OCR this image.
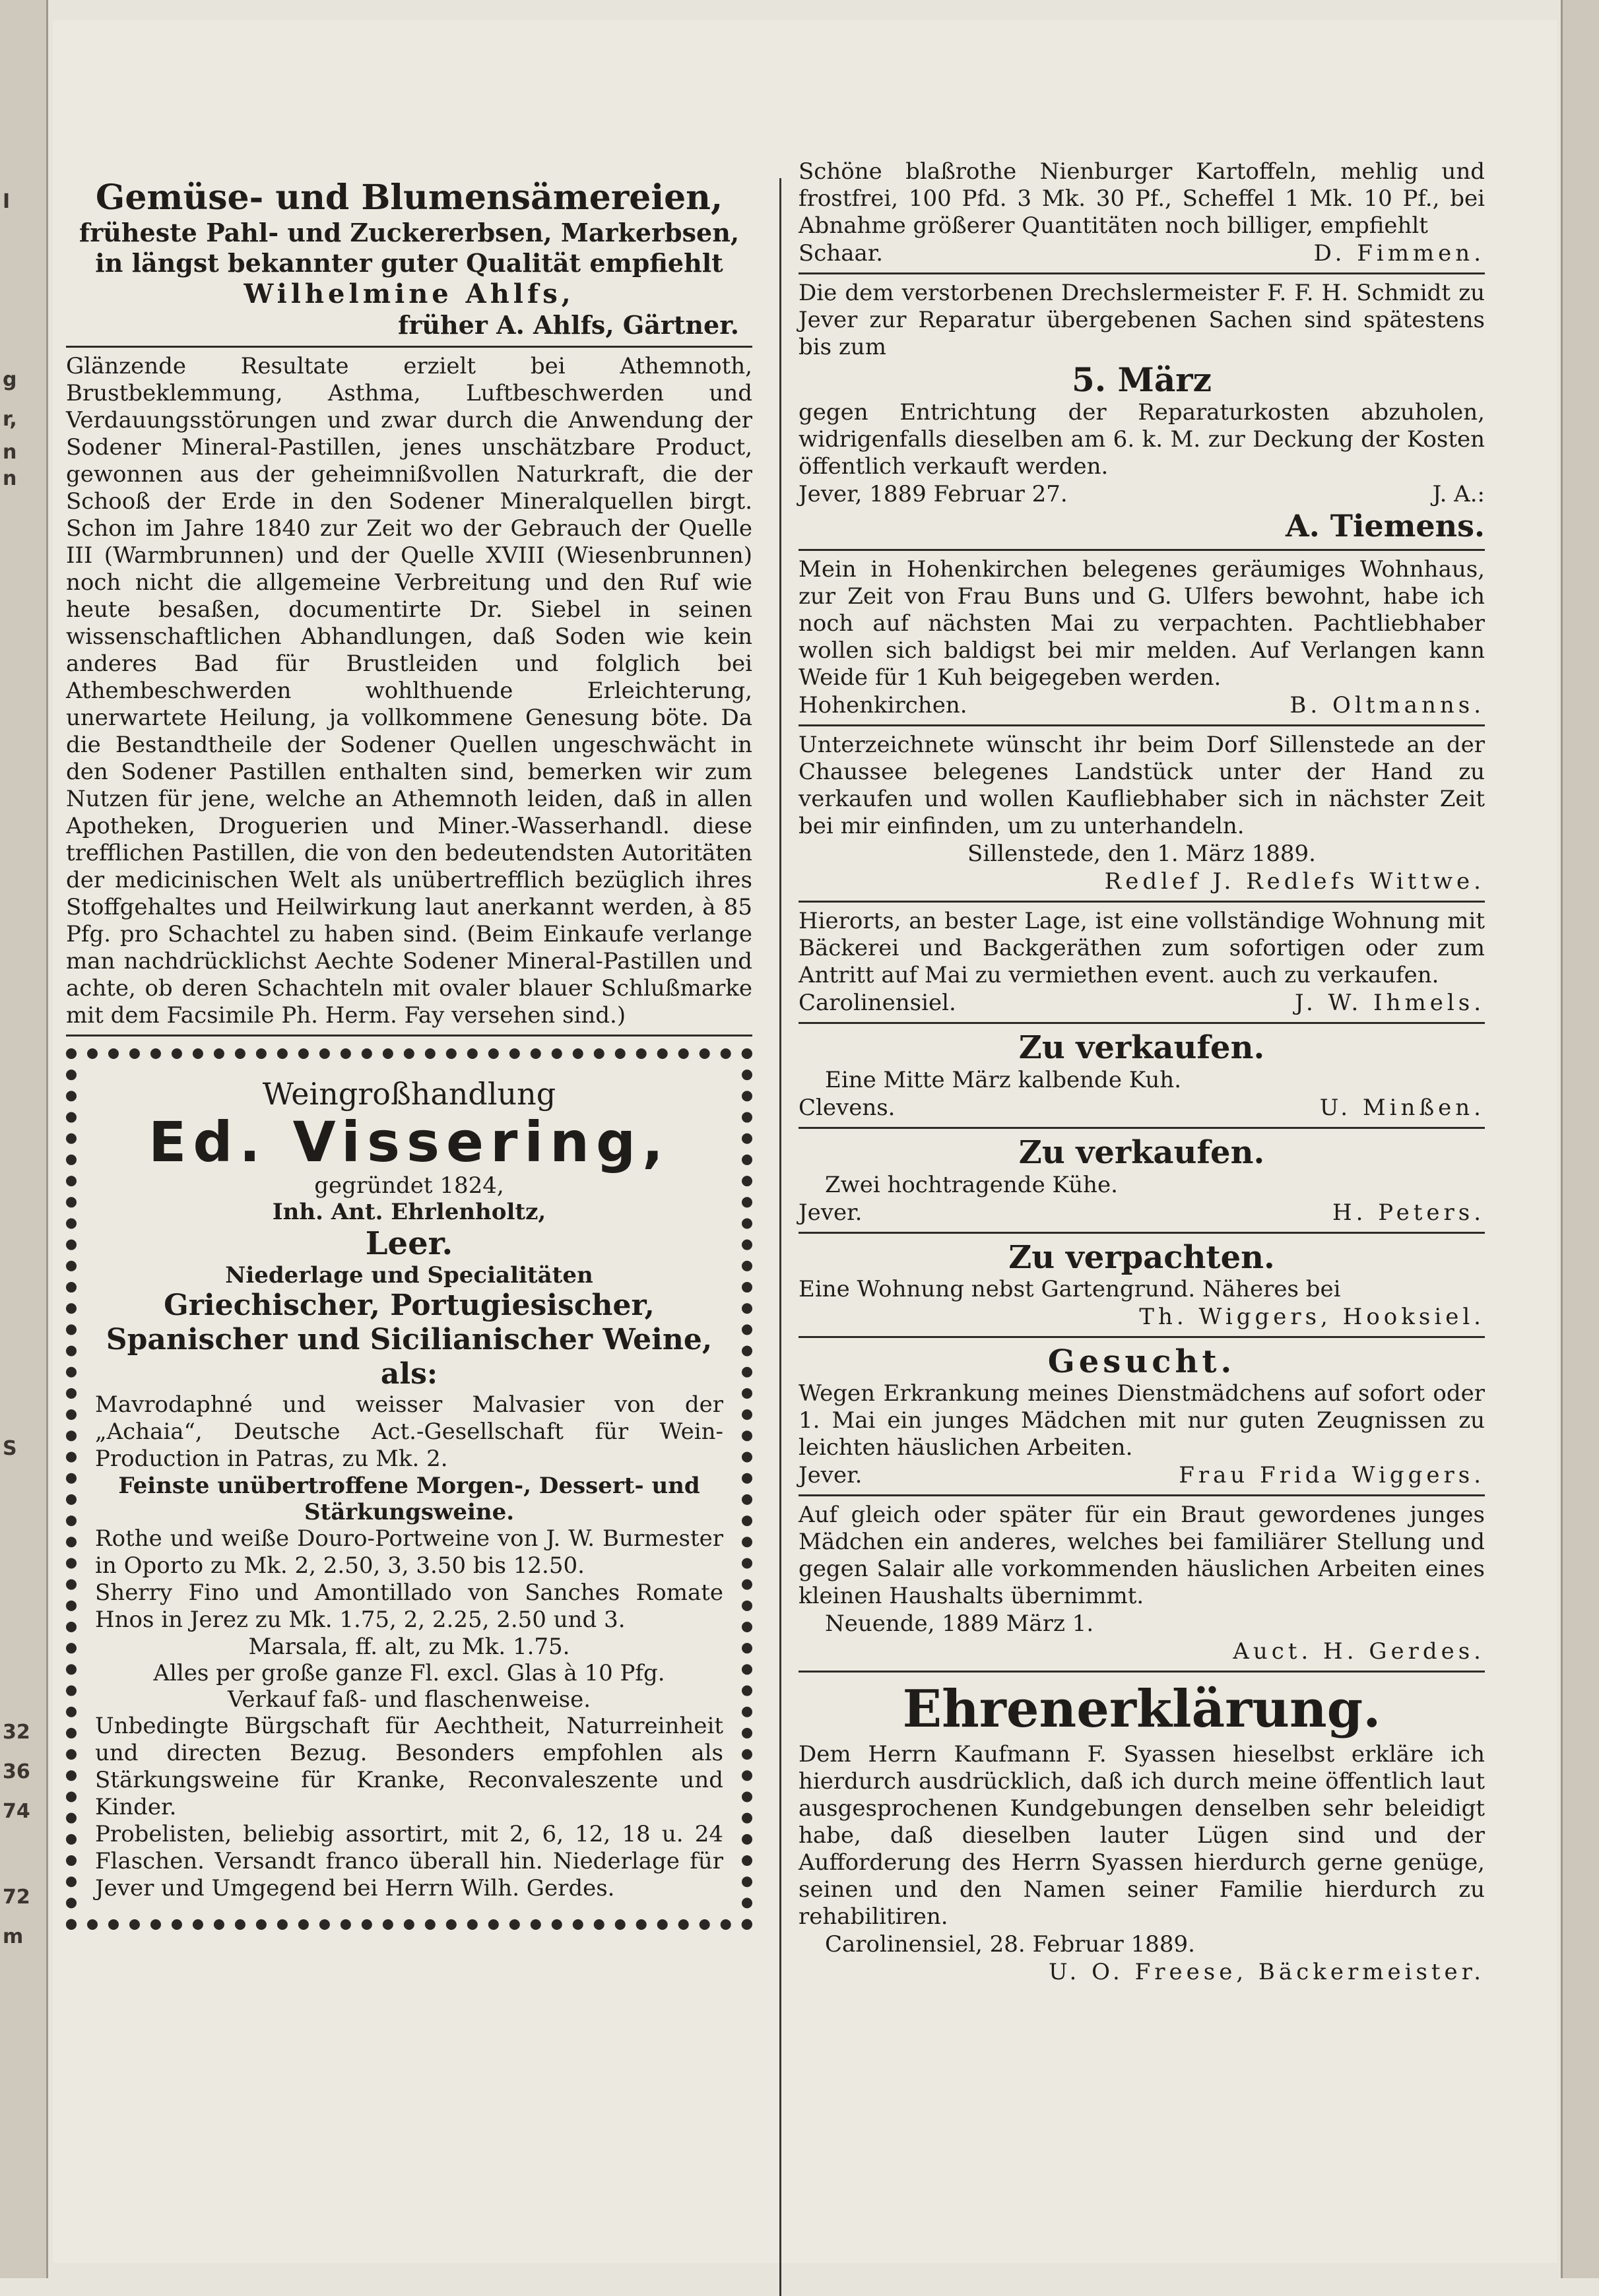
I
g
r,
n
n
S
32
36
74
72
m

Gemüse- und Blumensämereien,

früheste Pahl- und Zuckererbsen, Markerbsen,

in längst bekannter guter Qualität empfiehlt

Wilhelmine Ahlfs,

früher A. Ahlfs, Gärtner.

Glänzende Resultate erzielt bei Athemnoth, Brustbeklemmung, Asthma, Luftbeschwerden und Verdauungsstörungen und zwar durch die Anwendung der Sodener Mineral-Pastillen, jenes unschätzbare Product, gewonnen aus der geheimnißvollen Naturkraft, die der Schooß der Erde in den Sodener Mineralquellen birgt. Schon im Jahre 1840 zur Zeit wo der Gebrauch der Quelle III (Warmbrunnen) und der Quelle XVIII (Wiesenbrunnen) noch nicht die allgemeine Verbreitung und den Ruf wie heute besaßen, documentirte Dr. Siebel in seinen wissenschaftlichen Abhandlungen, daß Soden wie kein anderes Bad für Brustleiden und folglich bei Athembeschwerden wohlthuende Erleichterung, unerwartete Heilung, ja vollkommene Genesung böte. Da die Bestandtheile der Sodener Quellen ungeschwächt in den Sodener Pastillen enthalten sind, bemerken wir zum Nutzen für jene, welche an Athemnoth leiden, daß in allen Apotheken, Droguerien und Miner.-Wasserhandl. diese trefflichen Pastillen, die von den bedeutendsten Autoritäten der medicinischen Welt als unübertrefflich bezüglich ihres Stoffgehaltes und Heilwirkung laut anerkannt werden, à 85 Pfg. pro Schachtel zu haben sind. (Beim Einkaufe verlange man nachdrücklichst Aechte Sodener Mineral-Pastillen und achte, ob deren Schachteln mit ovaler blauer Schlußmarke mit dem Facsimile Ph. Herm. Fay versehen sind.)

Weingroßhandlung

Ed. Vissering,

gegründet 1824,

Inh. Ant. Ehrlenholtz,

Leer.

Niederlage und Specialitäten

Griechischer, Portugiesischer, Spanischer und Sicilianischer Weine, als:

Mavrodaphné und weisser Malvasier von der „Achaia“, Deutsche Act.-Gesellschaft für Wein-Production in Patras, zu Mk. 2.

Feinste unübertroffene Morgen-, Dessert- und Stärkungsweine.

Rothe und weiße Douro-Portweine von J. W. Burmester in Oporto zu Mk. 2, 2.50, 3, 3.50 bis 12.50.

Sherry Fino und Amontillado von Sanches Romate Hnos in Jerez zu Mk. 1.75, 2, 2.25, 2.50 und 3.

Marsala, ff. alt, zu Mk. 1.75.

Alles per große ganze Fl. excl. Glas à 10 Pfg.

Verkauf faß- und flaschenweise.

Unbedingte Bürgschaft für Aechtheit, Naturreinheit und directen Bezug. Besonders empfohlen als Stärkungsweine für Kranke, Reconvaleszente und Kinder.

Probelisten, beliebig assortirt, mit 2, 6, 12, 18 u. 24 Flaschen. Versandt franco überall hin. Niederlage für Jever und Umgegend bei Herrn Wilh. Gerdes.

Schöne blaßrothe Nienburger Kartoffeln, mehlig und frostfrei, 100 Pfd. 3 Mk. 30 Pf., Scheffel 1 Mk. 10 Pf., bei Abnahme größerer Quantitäten noch billiger, empfiehlt

Schaar.	D. Fimmen.

Die dem verstorbenen Drechslermeister F. F. H. Schmidt zu Jever zur Reparatur übergebenen Sachen sind spätestens bis zum

5. März

gegen Entrichtung der Reparaturkosten abzuholen, widrigenfalls dieselben am 6. k. M. zur Deckung der Kosten öffentlich verkauft werden.

Jever, 1889 Februar 27.	J. A.:

A. Tiemens.

Mein in Hohenkirchen belegenes geräumiges Wohnhaus, zur Zeit von Frau Buns und G. Ulfers bewohnt, habe ich noch auf nächsten Mai zu verpachten. Pachtliebhaber wollen sich baldigst bei mir melden. Auf Verlangen kann Weide für 1 Kuh beigegeben werden.

Hohenkirchen.	B. Oltmanns.

Unterzeichnete wünscht ihr beim Dorf Sillenstede an der Chaussee belegenes Landstück unter der Hand zu verkaufen und wollen Kaufliebhaber sich in nächster Zeit bei mir einfinden, um zu unterhandeln.

Sillenstede, den 1. März 1889.

Redlef J. Redlefs Wittwe.

Hierorts, an bester Lage, ist eine vollständige Wohnung mit Bäckerei und Backgeräthen zum sofortigen oder zum Antritt auf Mai zu vermiethen event. auch zu verkaufen.

Carolinensiel.	J. W. Ihmels.

Zu verkaufen.

Eine Mitte März kalbende Kuh.

Clevens.	U. Minßen.

Zu verkaufen.

Zwei hochtragende Kühe.

Jever.	H. Peters.

Zu verpachten.

Eine Wohnung nebst Gartengrund. Näheres bei

Th. Wiggers, Hooksiel.

Gesucht.

Wegen Erkrankung meines Dienstmädchens auf sofort oder 1. Mai ein junges Mädchen mit nur guten Zeugnissen zu leichten häuslichen Arbeiten.

Jever.	Frau Frida Wiggers.

Auf gleich oder später für ein Braut gewordenes junges Mädchen ein anderes, welches bei familiärer Stellung und gegen Salair alle vorkommenden häuslichen Arbeiten eines kleinen Haushalts übernimmt.

Neuende, 1889 März 1.

Auct. H. Gerdes.

Ehrenerklärung.

Dem Herrn Kaufmann F. Syassen hieselbst erkläre ich hierdurch ausdrücklich, daß ich durch meine öffentlich laut ausgesprochenen Kundgebungen denselben sehr beleidigt habe, daß dieselben lauter Lügen sind und der Aufforderung des Herrn Syassen hierdurch gerne genüge, seinen und den Namen seiner Familie hierdurch zu rehabilitiren.

Carolinensiel, 28. Februar 1889.

U. O. Freese, Bäckermeister.
